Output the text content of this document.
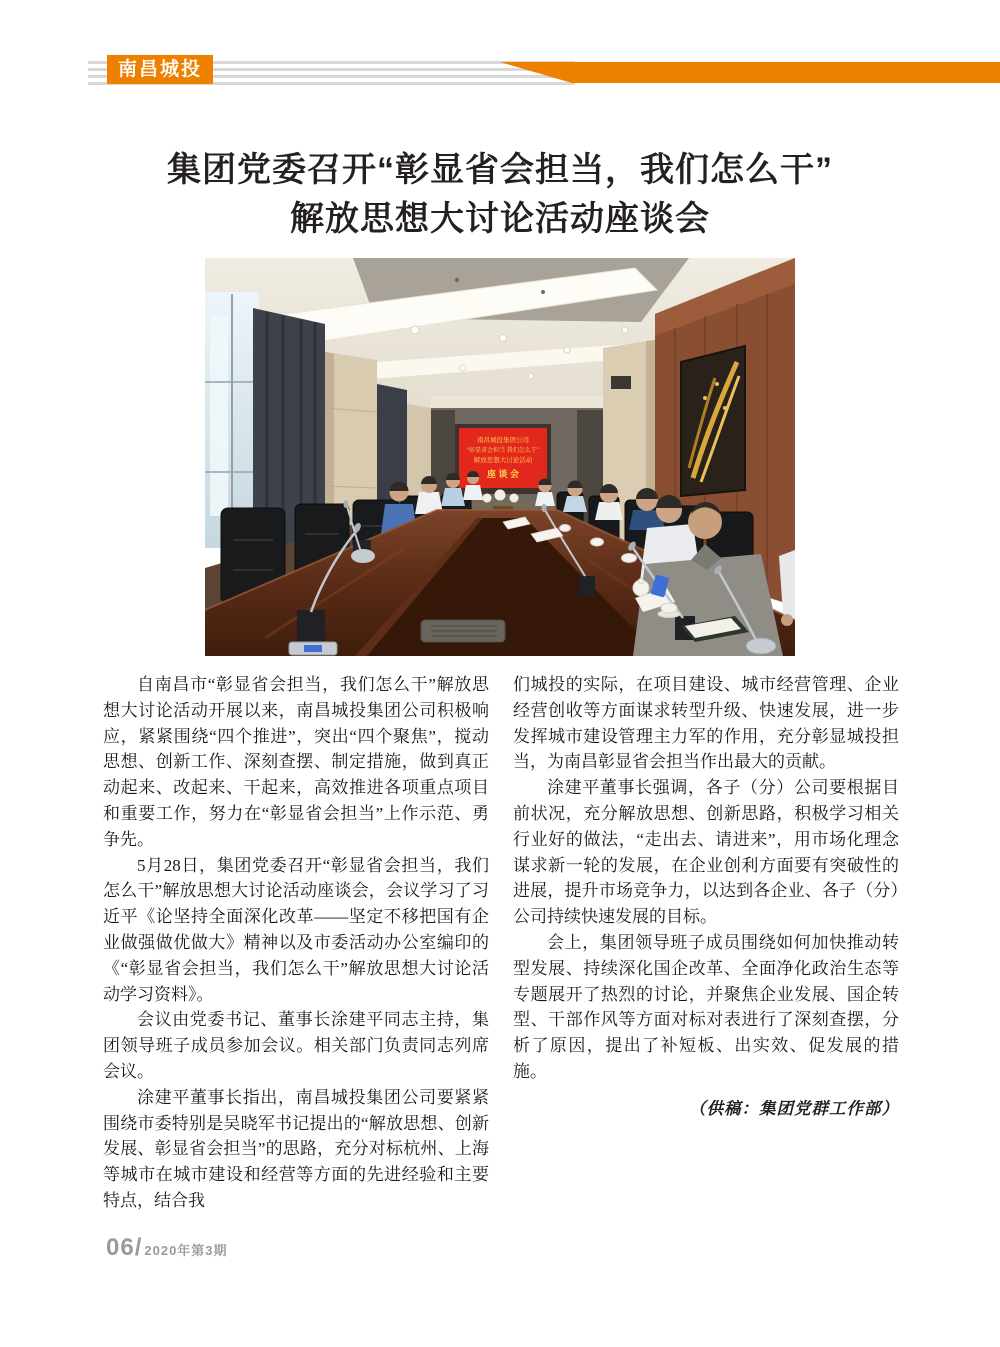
南昌城投
集团党委召开“彰显省会担当，我们怎么干”
解放思想大讨论活动座谈会
南昌城投集团公司
“彰显省会担当 我们怎么干”
解放思想大讨论活动
座 谈 会

自南昌市“彰显省会担当，我们怎么干”解放思想大讨论活动开展以来，南昌城投集团公司积极响应，紧紧围绕“四个推进”，突出“四个聚焦”，搅动思想、创新工作、深刻查摆、制定措施，做到真正动起来、改起来、干起来，高效推进各项重点项目和重要工作，努力在“彰显省会担当”上作示范、勇争先。

5月28日，集团党委召开“彰显省会担当，我们怎么干”解放思想大讨论活动座谈会，会议学习了习近平《论坚持全面深化改革——坚定不移把国有企业做强做优做大》精神以及市委活动办公室编印的《“彰显省会担当，我们怎么干”解放思想大讨论活动学习资料》。

会议由党委书记、董事长涂建平同志主持，集团领导班子成员参加会议。相关部门负责同志列席会议。

涂建平董事长指出，南昌城投集团公司要紧紧围绕市委特别是吴晓军书记提出的“解放思想、创新发展、彰显省会担当”的思路，充分对标杭州、上海等城市在城市建设和经营等方面的先进经验和主要特点，结合我

们城投的实际，在项目建设、城市经营管理、企业经营创收等方面谋求转型升级、快速发展，进一步发挥城市建设管理主力军的作用，充分彰显城投担当，为南昌彰显省会担当作出最大的贡献。

涂建平董事长强调，各子（分）公司要根据目前状况，充分解放思想、创新思路，积极学习相关行业好的做法，“走出去、请进来”，用市场化理念谋求新一轮的发展，在企业创利方面要有突破性的进展，提升市场竞争力，以达到各企业、各子（分）公司持续快速发展的目标。

会上，集团领导班子成员围绕如何加快推动转型发展、持续深化国企改革、全面净化政治生态等专题展开了热烈的讨论，并聚焦企业发展、国企转型、干部作风等方面对标对表进行了深刻查摆，分析了原因，提出了补短板、出实效、促发展的措施。

（供稿：集团党群工作部）
06/ 2020年第3期
